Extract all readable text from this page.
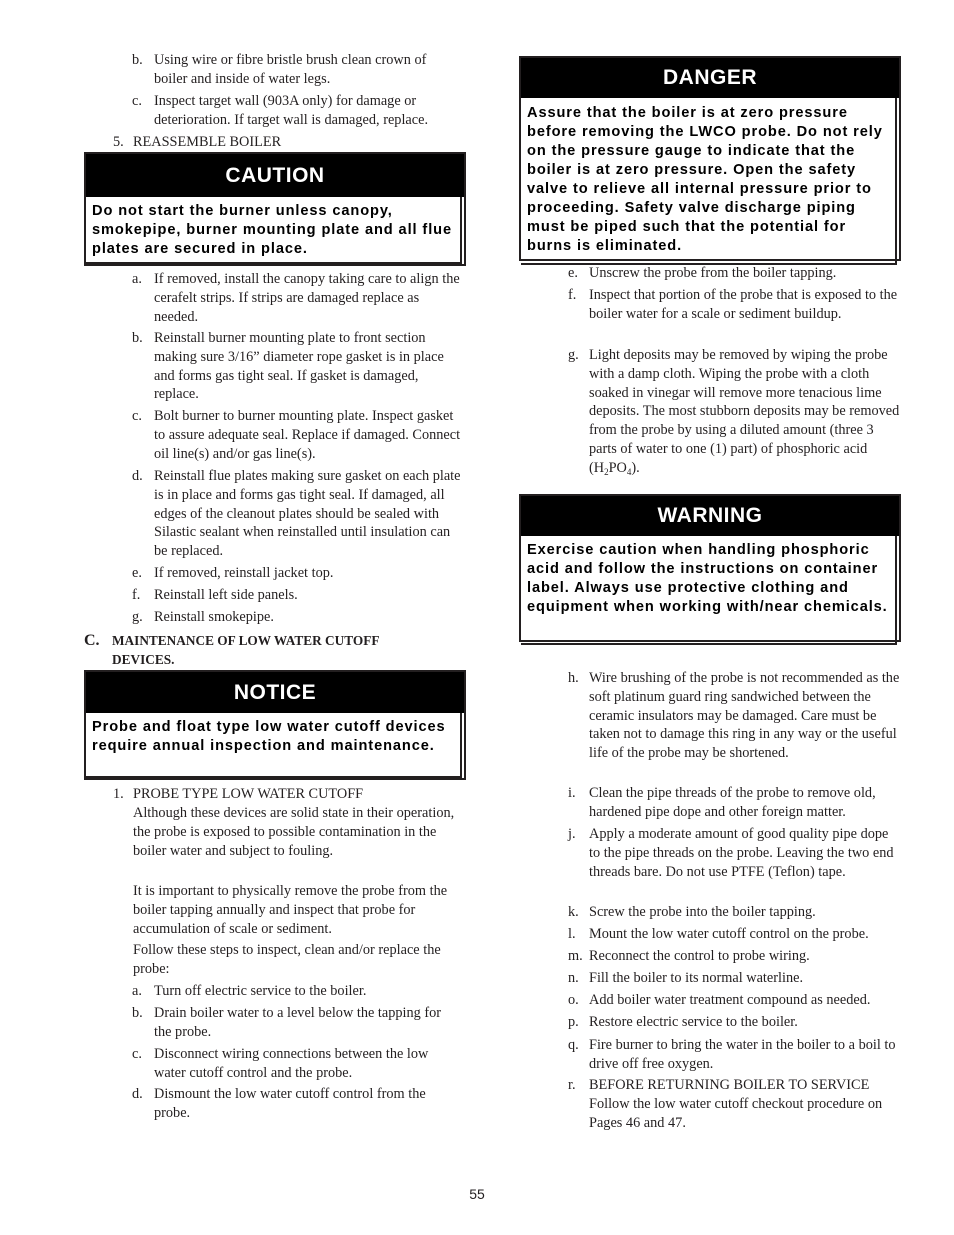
b. Using wire or fibre bristle brush clean crown of boiler and inside of water legs.
c. Inspect target wall (903A only) for damage or deterioration. If target wall is damaged, replace.
5. REASSEMBLE BOILER
CAUTION
Do not start the burner unless canopy, smokepipe, burner mounting plate and all flue plates are secured in place.
a. If removed, install the canopy taking care to align the cerafelt strips. If strips are damaged replace as needed.
b. Reinstall burner mounting plate to front section making sure 3/16” diameter rope gasket is in place and forms gas tight seal. If gasket is damaged, replace.
c. Bolt burner to burner mounting plate. Inspect gasket to assure adequate seal. Replace if damaged. Connect oil line(s) and/or gas line(s).
d. Reinstall flue plates making sure gasket on each plate is in place and forms gas tight seal. If damaged, all edges of the cleanout plates should be sealed with Silastic sealant when reinstalled until insulation can be replaced.
e. If removed, reinstall jacket top.
f. Reinstall left side panels.
g. Reinstall smokepipe.
C. MAINTENANCE OF LOW WATER CUTOFF DEVICES.
NOTICE
Probe and float type low water cutoff devices require annual inspection and maintenance.
1. PROBE TYPE LOW WATER CUTOFF
Although these devices are solid state in their operation, the probe is exposed to possible contamination in the boiler water and subject to fouling.
It is important to physically remove the probe from the boiler tapping annually and inspect that probe for accumulation of scale or sediment.
Follow these steps to inspect, clean and/or replace the probe:
a. Turn off electric service to the boiler.
b. Drain boiler water to a level below the tapping for the probe.
c. Disconnect wiring connections between the low water cutoff control and the probe.
d. Dismount the low water cutoff control from the probe.
DANGER
Assure that the boiler is at zero pressure before removing the LWCO probe. Do not rely on the pressure gauge to indicate that the boiler is at zero pressure. Open the safety valve to relieve all internal pressure prior to proceeding. Safety valve discharge piping must be piped such that the potential for burns is eliminated.
e. Unscrew the probe from the boiler tapping.
f. Inspect that portion of the probe that is exposed to the boiler water for a scale or sediment buildup.
g. Light deposits may be removed by wiping the probe with a damp cloth. Wiping the probe with a cloth soaked in vinegar will remove more tenacious lime deposits. The most stubborn deposits may be removed from the probe by using a diluted amount (three 3 parts of water to one (1) part) of phosphoric acid $(H_2PO_4)$.
WARNING
Exercise caution when handling phosphoric acid and follow the instructions on container label. Always use protective clothing and equipment when working with/near chemicals.
h. Wire brushing of the probe is not recommended as the soft platinum guard ring sandwiched between the ceramic insulators may be damaged. Care must be taken not to damage this ring in any way or the useful life of the probe may be shortened.
i. Clean the pipe threads of the probe to remove old, hardened pipe dope and other foreign matter.
j. Apply a moderate amount of good quality pipe dope to the pipe threads on the probe. Leaving the two end threads bare. Do not use PTFE (Teflon) tape.
k. Screw the probe into the boiler tapping.
l. Mount the low water cutoff control on the probe.
m. Reconnect the control to probe wiring.
n. Fill the boiler to its normal waterline.
o. Add boiler water treatment compound as needed.
p. Restore electric service to the boiler.
q. Fire burner to bring the water in the boiler to a boil to drive off free oxygen.
r. BEFORE RETURNING BOILER TO SERVICE Follow the low water cutoff checkout procedure on Pages 46 and 47.
55
